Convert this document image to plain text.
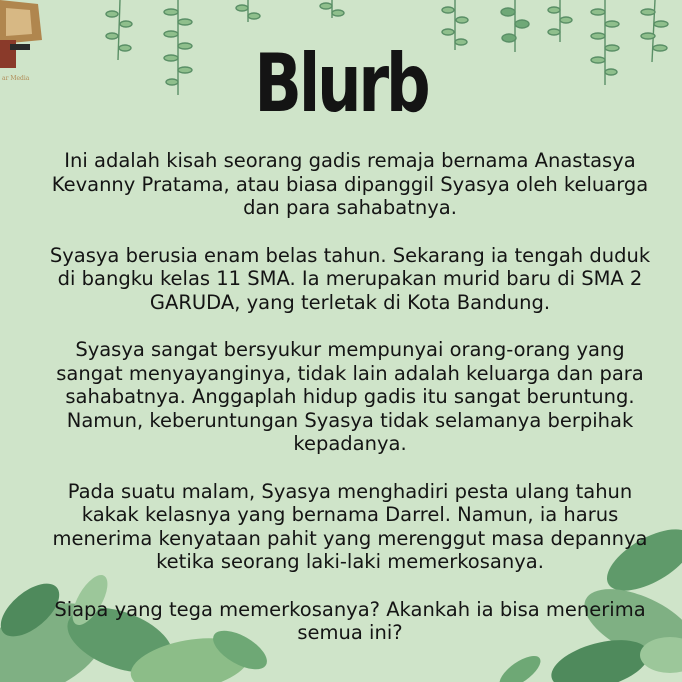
ar Media	Blurb

Ini adalah kisah seorang gadis remaja bernama Anastasya
Kevanny Pratama, atau biasa dipanggil Syasya oleh keluarga
dan para sahabatnya.

Syasya berusia enam belas tahun. Sekarang ia tengah duduk
di bangku kelas 11 SMA. Ia merupakan murid baru di SMA 2
GARUDA, yang terletak di Kota Bandung.

Syasya sangat bersyukur mempunyai orang-orang yang
sangat menyayanginya, tidak lain adalah keluarga dan para
sahabatnya. Anggaplah hidup gadis itu sangat beruntung.
Namun, keberuntungan Syasya tidak selamanya berpihak
kepadanya.

Pada suatu malam, Syasya menghadiri pesta ulang tahun
kakak kelasnya yang bernama Darrel. Namun, ia harus
menerima kenyataan pahit yang merenggut masa depannya
ketika seorang laki-laki memerkosanya.

Siapa yang tega memerkosanya? Akankah ia bisa menerima
semua ini?
